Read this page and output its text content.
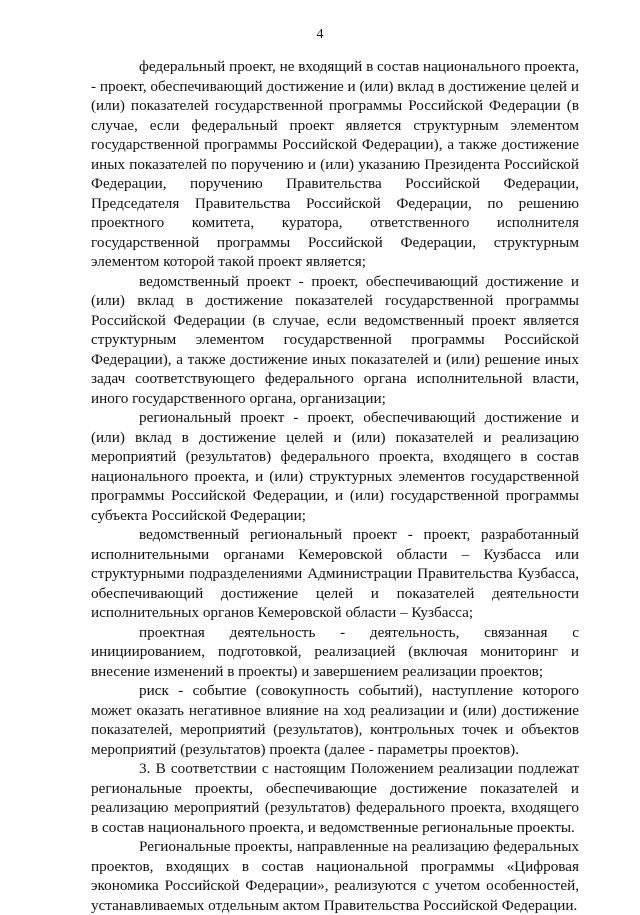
4

федеральный проект, не входящий в состав национального проекта, - проект, обеспечивающий достижение и (или) вклад в достижение целей и (или) показателей государственной программы Российской Федерации (в случае, если федеральный проект является структурным элементом государственной программы Российской Федерации), а также достижение иных показателей по поручению и (или) указанию Президента Российской Федерации, поручению Правительства Российской Федерации, Председателя Правительства Российской Федерации, по решению проектного комитета, куратора, ответственного исполнителя государственной программы Российской Федерации, структурным элементом которой такой проект является;

ведомственный проект - проект, обеспечивающий достижение и (или) вклад в достижение показателей государственной программы Российской Федерации (в случае, если ведомственный проект является структурным элементом государственной программы Российской Федерации), а также достижение иных показателей и (или) решение иных задач соответствующего федерального органа исполнительной власти, иного государственного органа, организации;

региональный проект - проект, обеспечивающий достижение и (или) вклад в достижение целей и (или) показателей и реализацию мероприятий (результатов) федерального проекта, входящего в состав национального проекта, и (или) структурных элементов государственной программы Российской Федерации, и (или) государственной программы субъекта Российской Федерации;

ведомственный региональный проект - проект, разработанный исполнительными органами Кемеровской области – Кузбасса или структурными подразделениями Администрации Правительства Кузбасса, обеспечивающий достижение целей и показателей деятельности исполнительных органов Кемеровской области – Кузбасса;

проектная деятельность - деятельность, связанная с инициированием, подготовкой, реализацией (включая мониторинг и внесение изменений в проекты) и завершением реализации проектов;

риск - событие (совокупность событий), наступление которого может оказать негативное влияние на ход реализации и (или) достижение показателей, мероприятий (результатов), контрольных точек и объектов мероприятий (результатов) проекта (далее - параметры проектов).

3. В соответствии с настоящим Положением реализации подлежат региональные проекты, обеспечивающие достижение показателей и реализацию мероприятий (результатов) федерального проекта, входящего в состав национального проекта, и ведомственные региональные проекты.

Региональные проекты, направленные на реализацию федеральных проектов, входящих в состав национальной программы «Цифровая экономика Российской Федерации», реализуются с учетом особенностей, устанавливаемых отдельным актом Правительства Российской Федерации.
